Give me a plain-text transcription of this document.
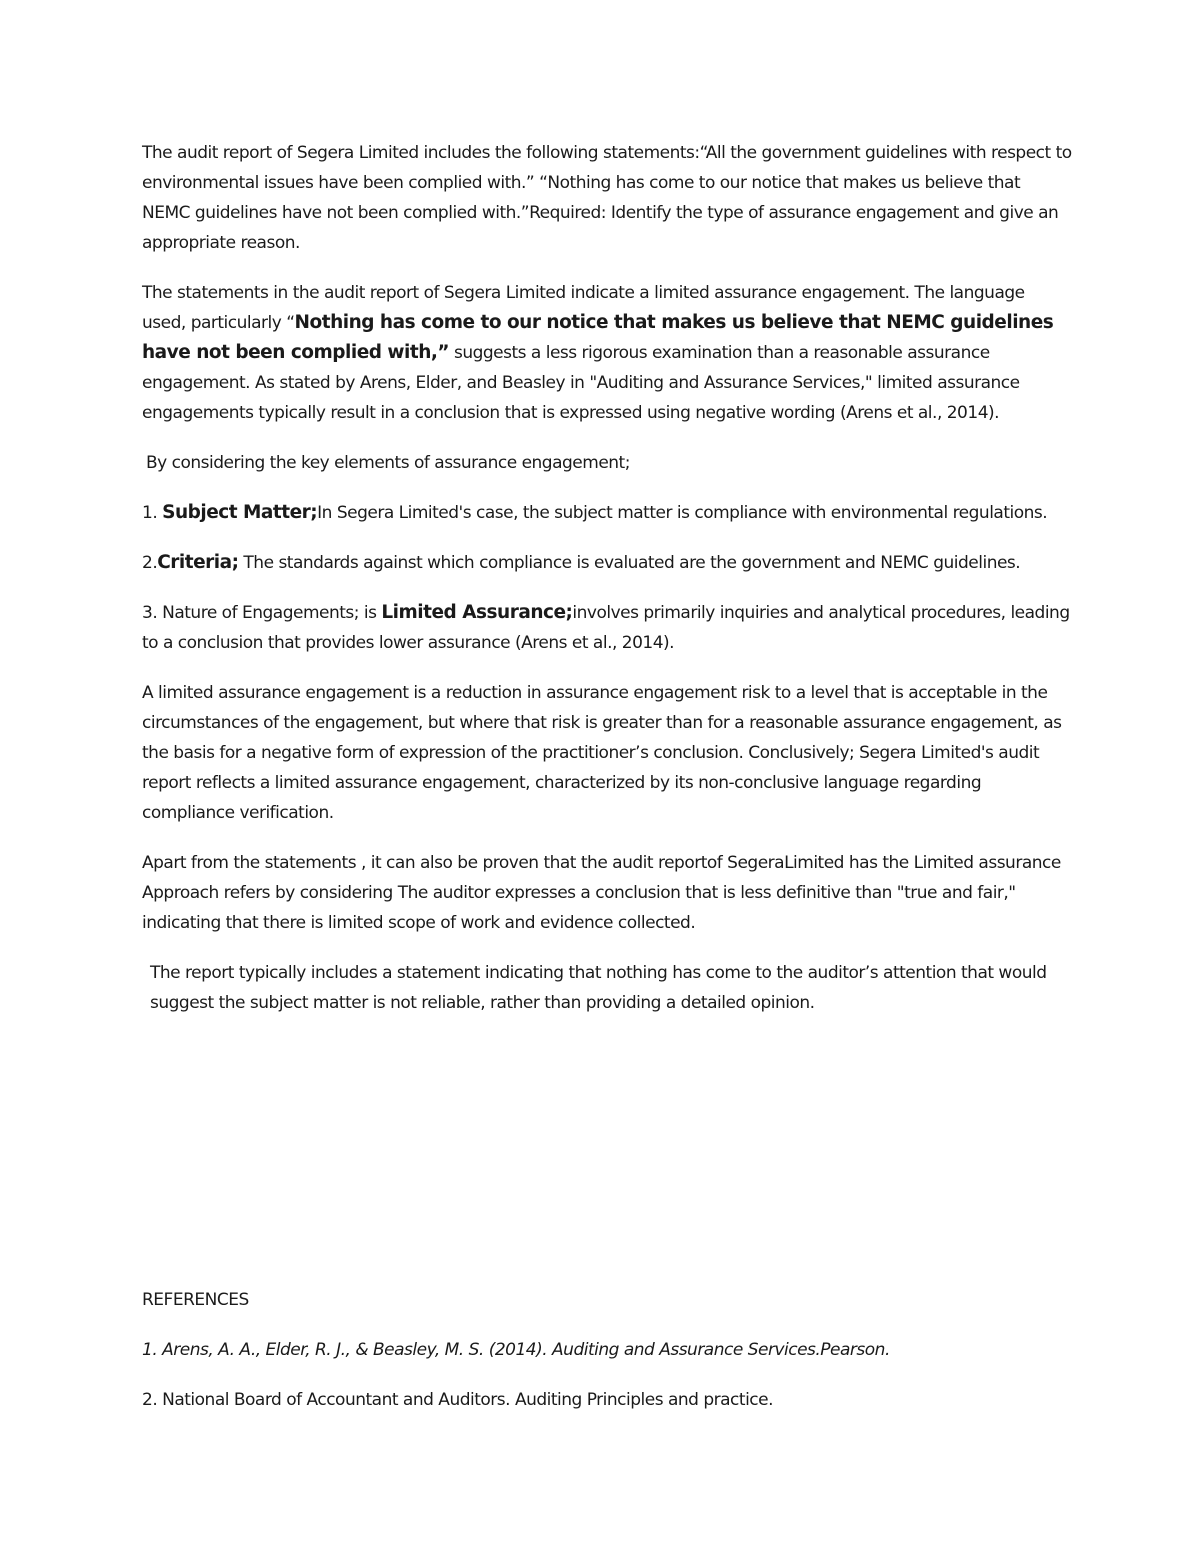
The audit report of Segera Limited includes the following statements:“All the government guidelines with respect to environmental issues have been complied with.” “Nothing has come to our notice that makes us believe that NEMC guidelines have not been complied with.”Required: Identify the type of assurance engagement and give an appropriate reason.

The statements in the audit report of Segera Limited indicate a limited assurance engagement. The language used, particularly “Nothing has come to our notice that makes us believe that NEMC guidelines have not been complied with,” suggests a less rigorous examination than a reasonable assurance engagement. As stated by Arens, Elder, and Beasley in "Auditing and Assurance Services," limited assurance engagements typically result in a conclusion that is expressed using negative wording (Arens et al., 2014).

By considering the key elements of assurance engagement;

1. Subject Matter;In Segera Limited's case, the subject matter is compliance with environmental regulations.

2.Criteria; The standards against which compliance is evaluated are the government and NEMC guidelines.

3. Nature of Engagements; is Limited Assurance;involves primarily inquiries and analytical procedures, leading to a conclusion that provides lower assurance (Arens et al., 2014).

A limited assurance engagement is a reduction in assurance engagement risk to a level that is acceptable in the circumstances of the engagement, but where that risk is greater than for a reasonable assurance engagement, as the basis for a negative form of expression of the practitioner’s conclusion. Conclusively; Segera Limited's audit report reflects a limited assurance engagement, characterized by its non-conclusive language regarding compliance verification.

Apart from the statements , it can also be proven that the audit reportof SegeraLimited has the Limited assurance Approach refers by considering The auditor expresses a conclusion that is less definitive than "true and fair," indicating that there is limited scope of work and evidence collected.

The report typically includes a statement indicating that nothing has come to the auditor’s attention that would suggest the subject matter is not reliable, rather than providing a detailed opinion.

REFERENCES
1. Arens, A. A., Elder, R. J., & Beasley, M. S. (2014). Auditing and Assurance Services.Pearson.
2. National Board of Accountant and Auditors. Auditing Principles and practice.
